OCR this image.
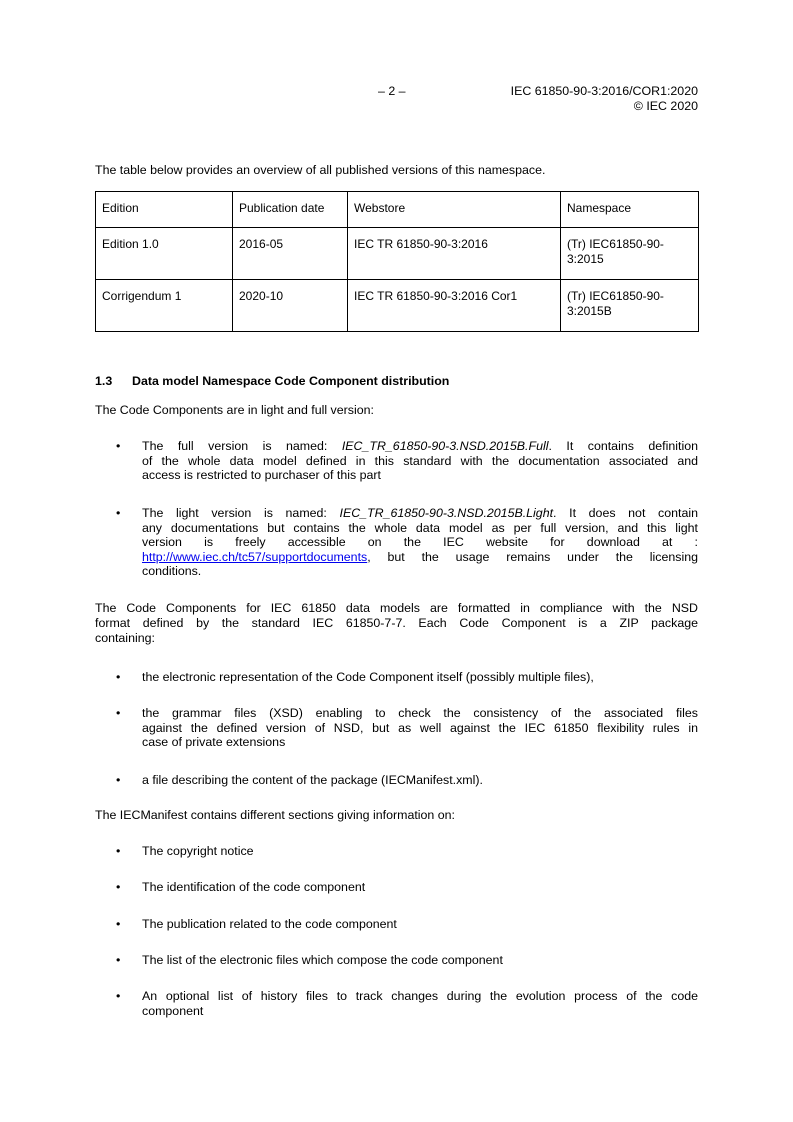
– 2 –	IEC 61850-90-3:2016/COR1:2020
© IEC 2020
The table below provides an overview of all published versions of this namespace.
Edition	Publication date	Webstore	Namespace
Edition 1.0	2016-05	IEC TR 61850-90-3:2016	(Tr) IEC61850-90-
3:2015
Corrigendum 1	2020-10	IEC TR 61850-90-3:2016 Cor1	(Tr) IEC61850-90-
3:2015B
1.3 Data model Namespace Code Component distribution
The Code Components are in light and full version:
• The full version is named: IEC_TR_61850-90-3.NSD.2015B.Full. It contains definition
of the whole data model defined in this standard with the documentation associated and
access is restricted to purchaser of this part
• The light version is named: IEC_TR_61850-90-3.NSD.2015B.Light. It does not contain
any documentations but contains the whole data model as per full version, and this light
version is freely accessible on the IEC website for download at :
http://www.iec.ch/tc57/supportdocuments, but the usage remains under the licensing
conditions.
The Code Components for IEC 61850 data models are formatted in compliance with the NSD
format defined by the standard IEC 61850-7-7. Each Code Component is a ZIP package
containing:
• the electronic representation of the Code Component itself (possibly multiple files),
• the grammar files (XSD) enabling to check the consistency of the associated files
against the defined version of NSD, but as well against the IEC 61850 flexibility rules in
case of private extensions
• a file describing the content of the package (IECManifest.xml).
The IECManifest contains different sections giving information on:
• The copyright notice
• The identification of the code component
• The publication related to the code component
• The list of the electronic files which compose the code component
• An optional list of history files to track changes during the evolution process of the code
component
